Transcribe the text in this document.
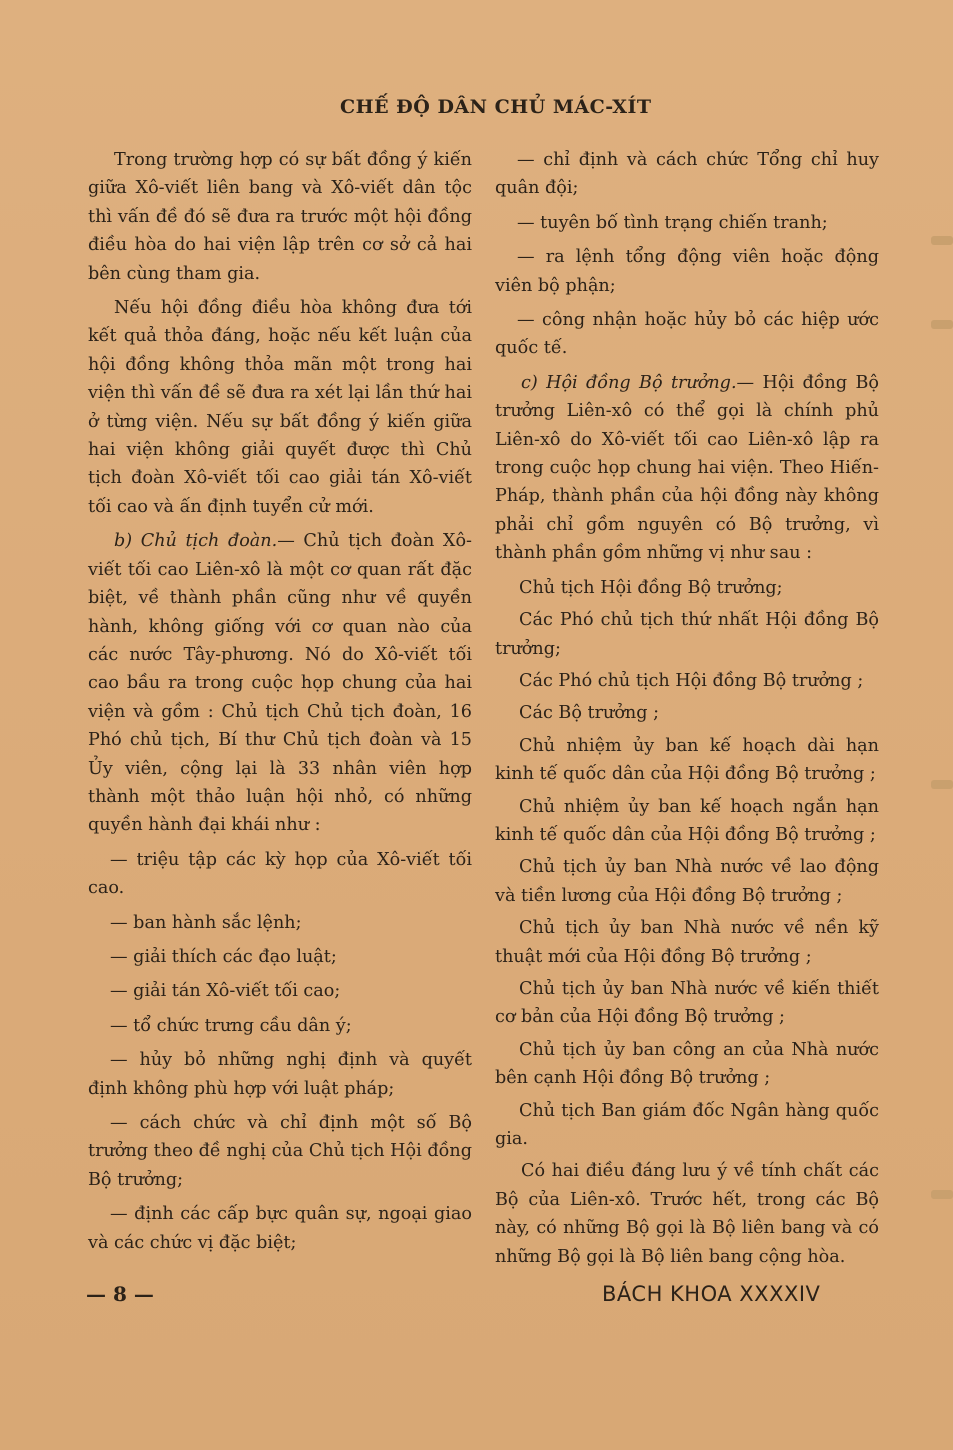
CHẾ ĐỘ DÂN CHỦ MÁC-XÍT

Trong trường hợp có sự bất đồng ý kiến giữa Xô-viết liên bang và Xô-viết dân tộc thì vấn đề đó sẽ đưa ra trước một hội đồng điều hòa do hai viện lập trên cơ sở cả hai bên cùng tham gia.

Nếu hội đồng điều hòa không đưa tới kết quả thỏa đáng, hoặc nếu kết luận của hội đồng không thỏa mãn một trong hai viện thì vấn đề sẽ đưa ra xét lại lần thứ hai ở từng viện. Nếu sự bất đồng ý kiến giữa hai viện không giải quyết được thì Chủ tịch đoàn Xô-viết tối cao giải tán Xô-viết tối cao và ấn định tuyển cử mới.

b) Chủ tịch đoàn.— Chủ tịch đoàn Xô-viết tối cao Liên-xô là một cơ quan rất đặc biệt, về thành phần cũng như về quyền hành, không giống với cơ quan nào của các nước Tây-phương. Nó do Xô-viết tối cao bầu ra trong cuộc họp chung của hai viện và gồm : Chủ tịch Chủ tịch đoàn, 16 Phó chủ tịch, Bí thư Chủ tịch đoàn và 15 Ủy viên, cộng lại là 33 nhân viên hợp thành một thảo luận hội nhỏ, có những quyền hành đại khái như :

— triệu tập các kỳ họp của Xô-viết tối cao.

— ban hành sắc lệnh;

— giải thích các đạo luật;

— giải tán Xô-viết tối cao;

— tổ chức trưng cầu dân ý;

— hủy bỏ những nghị định và quyết định không phù hợp với luật pháp;

— cách chức và chỉ định một số Bộ trưởng theo đề nghị của Chủ tịch Hội đồng Bộ trưởng;

— định các cấp bực quân sự, ngoại giao và các chức vị đặc biệt;

— chỉ định và cách chức Tổng chỉ huy quân đội;

— tuyên bố tình trạng chiến tranh;

— ra lệnh tổng động viên hoặc động viên bộ phận;

— công nhận hoặc hủy bỏ các hiệp ước quốc tế.

c) Hội đồng Bộ trưởng.— Hội đồng Bộ trưởng Liên-xô có thể gọi là chính phủ Liên-xô do Xô-viết tối cao Liên-xô lập ra trong cuộc họp chung hai viện. Theo Hiến-Pháp, thành phần của hội đồng này không phải chỉ gồm nguyên có Bộ trưởng, vì thành phần gồm những vị như sau :

Chủ tịch Hội đồng Bộ trưởng;

Các Phó chủ tịch thứ nhất Hội đồng Bộ trưởng;

Các Phó chủ tịch Hội đồng Bộ trưởng ;

Các Bộ trưởng ;

Chủ nhiệm ủy ban kế hoạch dài hạn kinh tế quốc dân của Hội đồng Bộ trưởng ;

Chủ nhiệm ủy ban kế hoạch ngắn hạn kinh tế quốc dân của Hội đồng Bộ trưởng ;

Chủ tịch ủy ban Nhà nước về lao động và tiền lương của Hội đồng Bộ trưởng ;

Chủ tịch ủy ban Nhà nước về nền kỹ thuật mới của Hội đồng Bộ trưởng ;

Chủ tịch ủy ban Nhà nước về kiến thiết cơ bản của Hội đồng Bộ trưởng ;

Chủ tịch ủy ban công an của Nhà nước bên cạnh Hội đồng Bộ trưởng ;

Chủ tịch Ban giám đốc Ngân hàng quốc gia.

Có hai điều đáng lưu ý về tính chất các Bộ của Liên-xô. Trước hết, trong các Bộ này, có những Bộ gọi là Bộ liên bang và có những Bộ gọi là Bộ liên bang cộng hòa.

— 8 —	BÁCH KHOA XXXXIV
